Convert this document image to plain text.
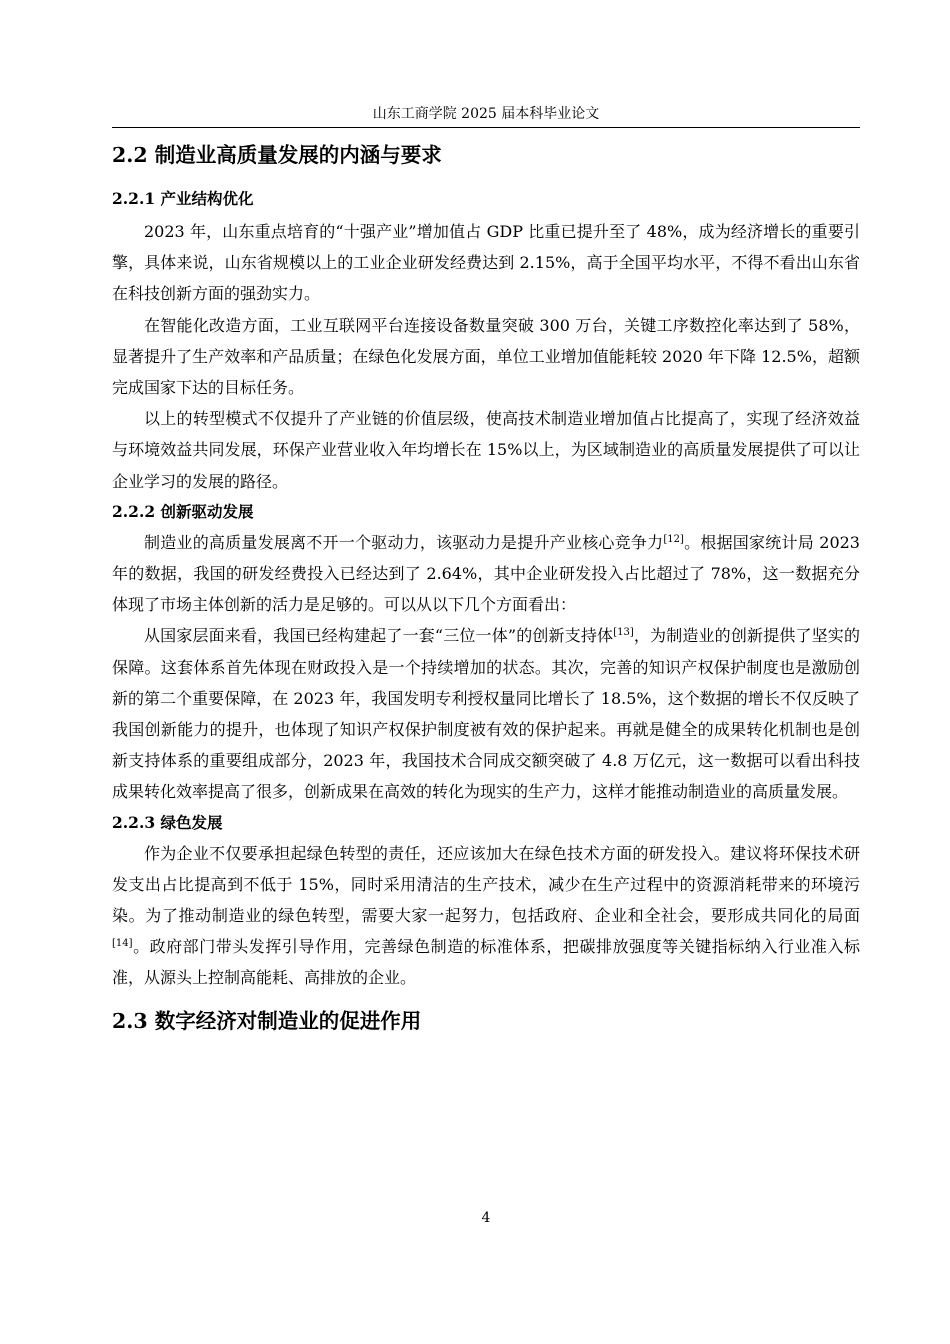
山东工商学院 2025 届本科毕业论文
2.2 制造业高质量发展的内涵与要求
2.2.1 产业结构优化

2023 年，山东重点培育的“十强产业”增加值占 GDP 比重已提升至了 48%，成为经济增长的重要引擎，具体来说，山东省规模以上的工业企业研发经费达到 2.15%，高于全国平均水平，不得不看出山东省在科技创新方面的强劲实力。

在智能化改造方面，工业互联网平台连接设备数量突破 300 万台，关键工序数控化率达到了 58%，显著提升了生产效率和产品质量；在绿色化发展方面，单位工业增加值能耗较 2020 年下降 12.5%，超额完成国家下达的目标任务。

以上的转型模式不仅提升了产业链的价值层级，使高技术制造业增加值占比提高了，实现了经济效益与环境效益共同发展，环保产业营业收入年均增长在 15%以上，为区域制造业的高质量发展提供了可以让企业学习的发展的路径。

2.2.2 创新驱动发展

制造业的高质量发展离不开一个驱动力，该驱动力是提升产业核心竞争力[12]。根据国家统计局 2023 年的数据，我国的研发经费投入已经达到了 2.64%，其中企业研发投入占比超过了 78%，这一数据充分体现了市场主体创新的活力是足够的。可以从以下几个方面看出：

从国家层面来看，我国已经构建起了一套“三位一体”的创新支持体[13]，为制造业的创新提供了坚实的保障。这套体系首先体现在财政投入是一个持续增加的状态。其次，完善的知识产权保护制度也是激励创新的第二个重要保障，在 2023 年，我国发明专利授权量同比增长了 18.5%，这个数据的增长不仅反映了我国创新能力的提升，也体现了知识产权保护制度被有效的保护起来。再就是健全的成果转化机制也是创新支持体系的重要组成部分，2023 年，我国技术合同成交额突破了 4.8 万亿元，这一数据可以看出科技成果转化效率提高了很多，创新成果在高效的转化为现实的生产力，这样才能推动制造业的高质量发展。

2.2.3 绿色发展

作为企业不仅要承担起绿色转型的责任，还应该加大在绿色技术方面的研发投入。建议将环保技术研发支出占比提高到不低于 15%，同时采用清洁的生产技术，减少在生产过程中的资源消耗带来的环境污染。为了推动制造业的绿色转型，需要大家一起努力，包括政府、企业和全社会，要形成共同化的局面[14]。政府部门带头发挥引导作用，完善绿色制造的标准体系，把碳排放强度等关键指标纳入行业准入标准，从源头上控制高能耗、高排放的企业。

2.3 数字经济对制造业的促进作用
4
